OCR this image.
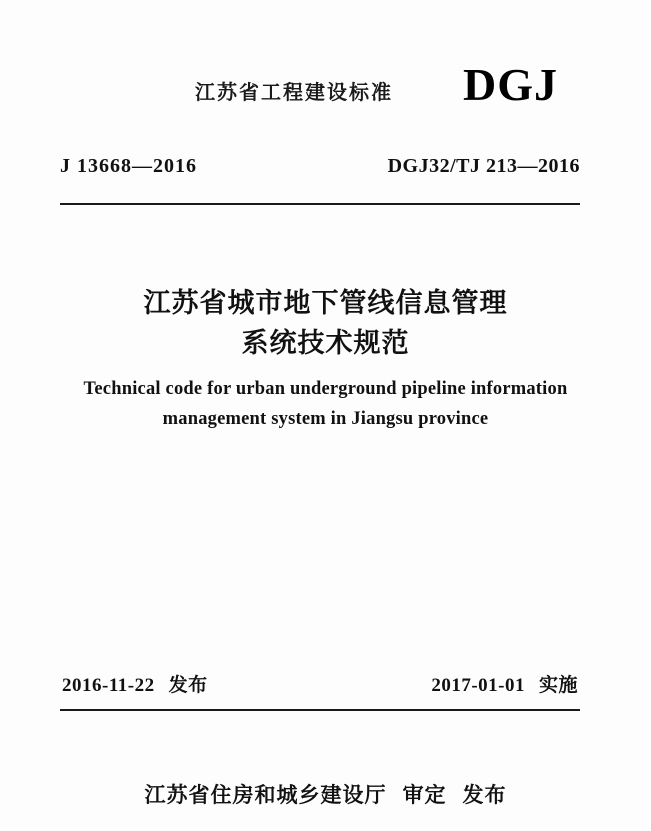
江苏省工程建设标准 DGJ
J 13668—2016	DGJ32/TJ 213—2016
江苏省城市地下管线信息管理
系统技术规范
Technical code for urban underground pipeline information
management system in Jiangsu province
2016-11-22 发布	2017-01-01 实施
江苏省住房和城乡建设厅 审定 发布
